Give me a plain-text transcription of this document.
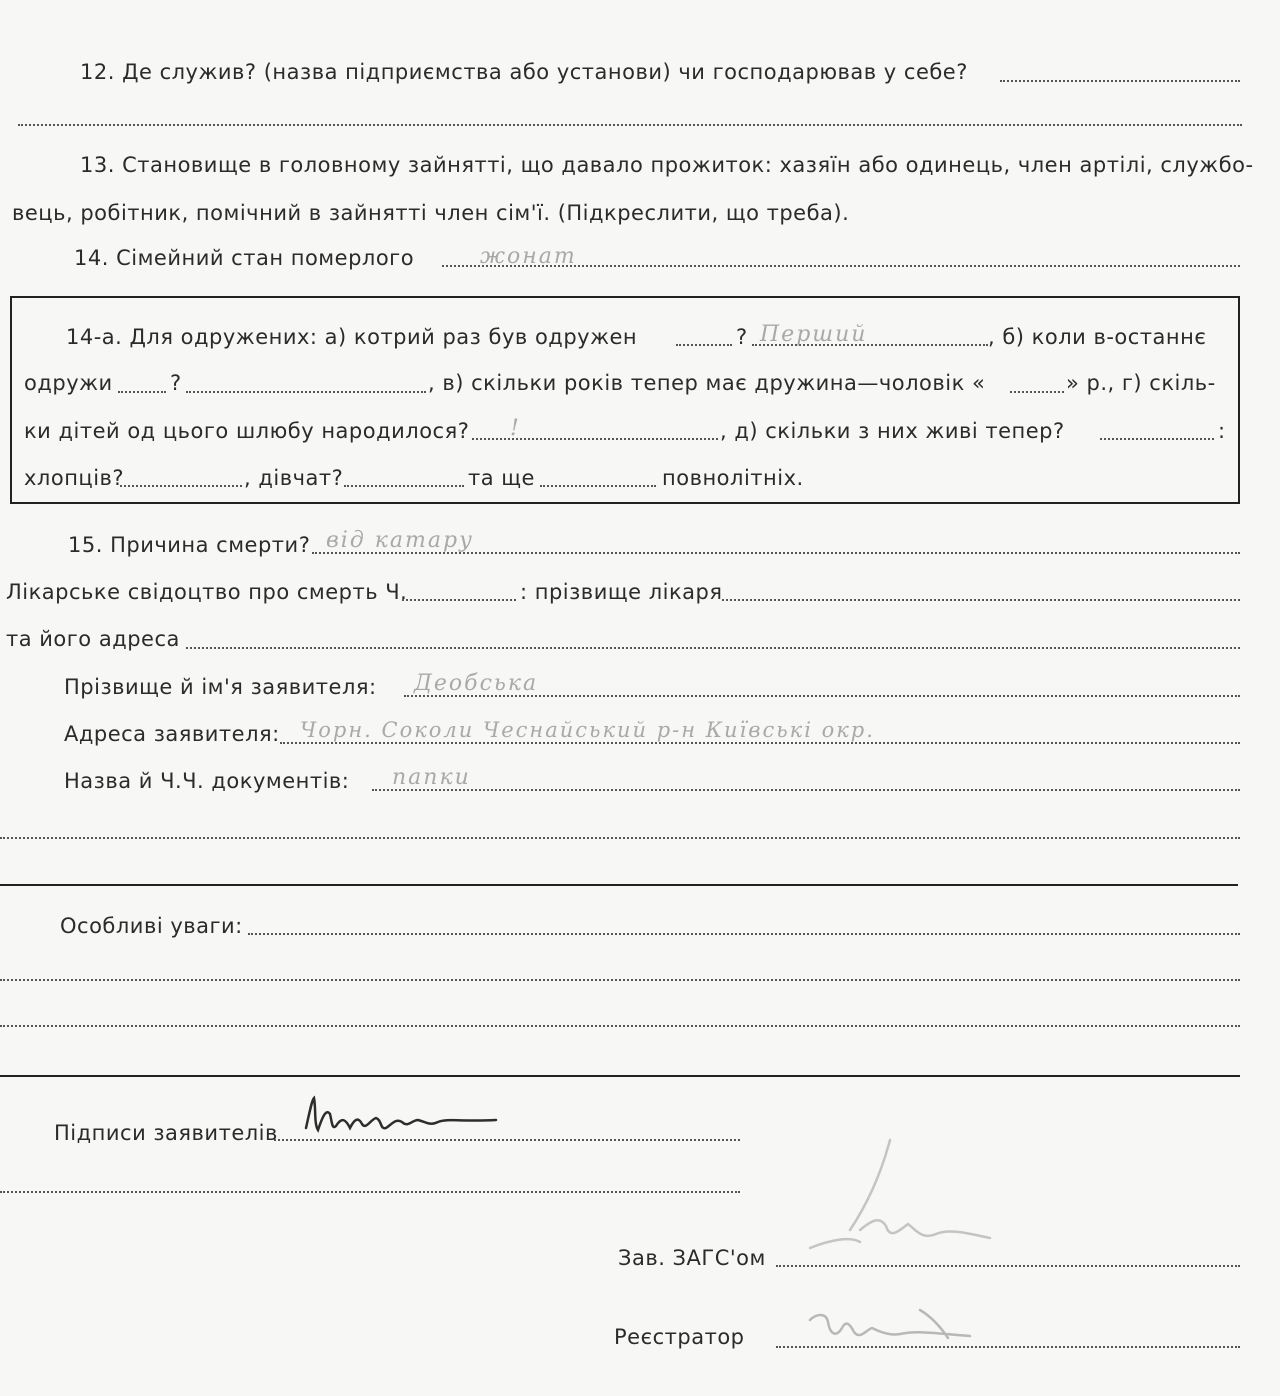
12. Де служив? (назва підприємства або установи) чи господарював у себе?
13. Становище в головному зайнятті, що давало прожиток: хазяїн або одинець, член артілі, службо-
вець, робітник, помічний в зайнятті член сім'ї. (Підкреслити, що треба).
14. Сімейний стан померлого	жонат
14-а. Для одружених: а) котрий раз був одружен	? Перший	, б) коли в-останнє
одружи	?	, в) скільки років тепер має дружина—чоловік «	» р., г) скіль-
ки дітей од цього шлюбу народилося? !	, д) скільки з них живі тепер?	:
хлопців?	, дівчат?	та ще	повнолітніх.
15. Причина смерти? від катару
Лікарське свідоцтво про смерть Ч.	: прізвище лікаря
та його адреса
Прізвище й ім'я заявителя: Деобська
Адреса заявителя: Чорн. Соколи Чеснайський р-н Київські окр.
Назва й Ч.Ч. документів: папки
Особливі уваги:
Підписи заявителів
Зав. ЗАГС'ом
Реєстратор
